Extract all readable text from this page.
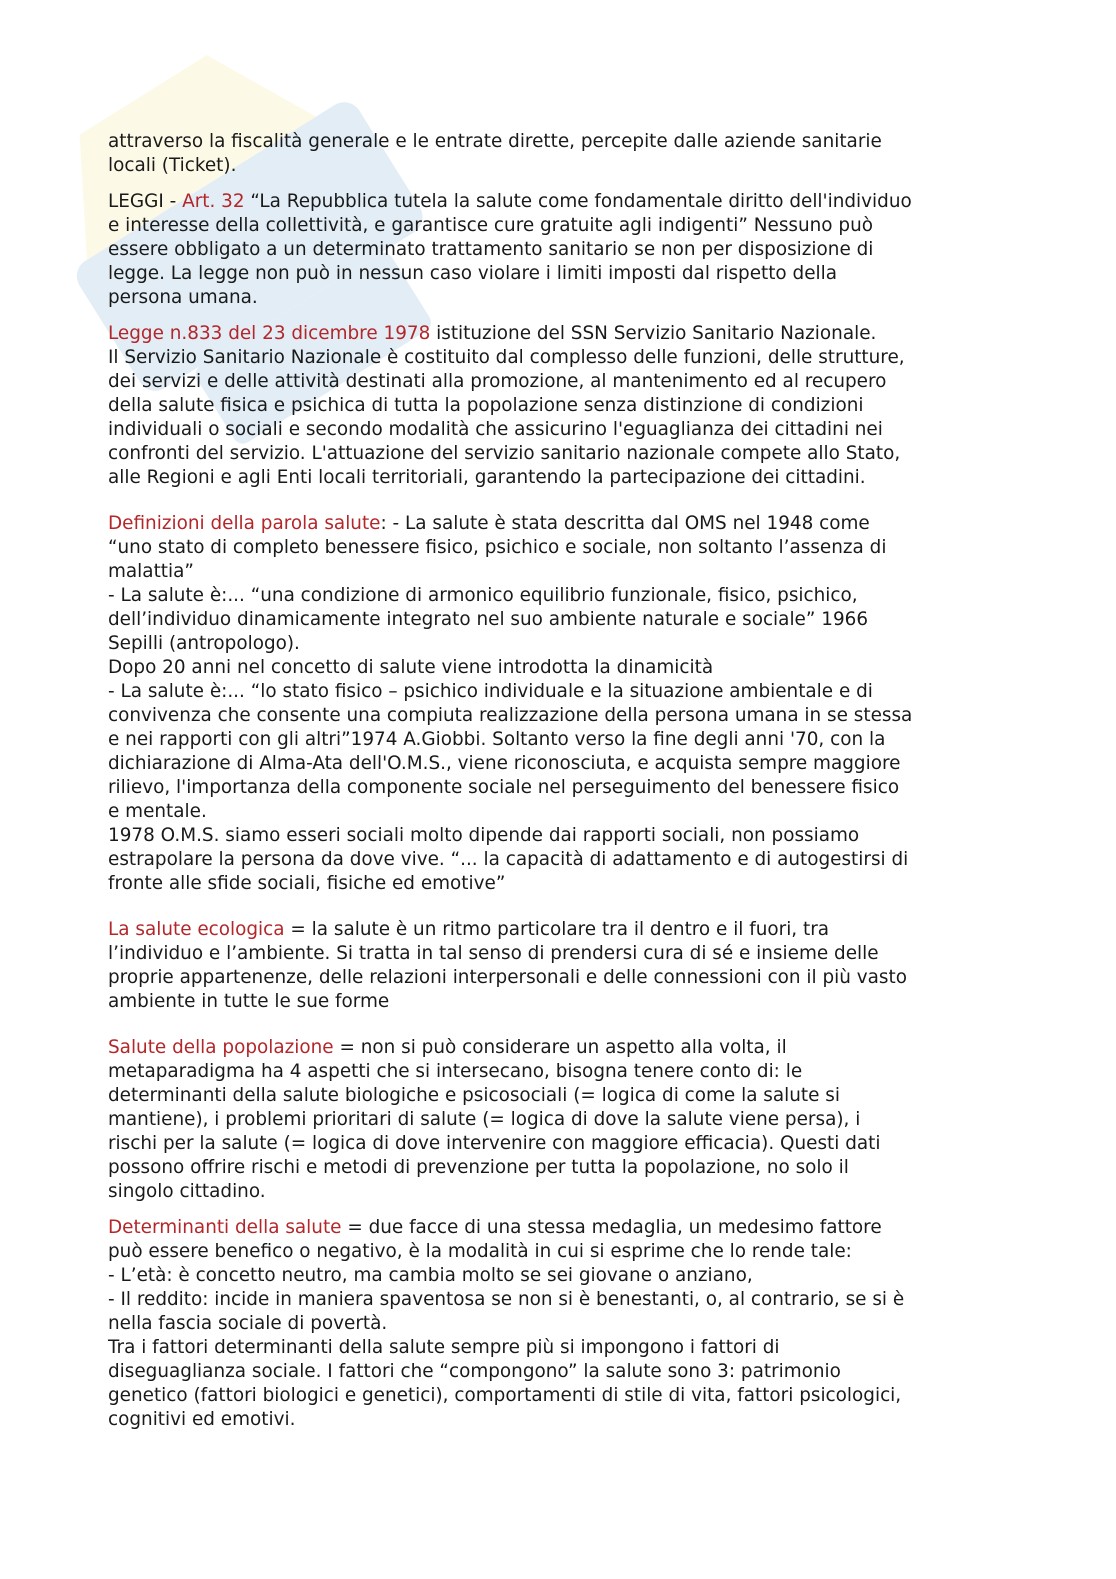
attraverso la fiscalità generale e le entrate dirette, percepite dalle aziende sanitarie
locali (Ticket).

LEGGI - Art. 32 “La Repubblica tutela la salute come fondamentale diritto dell'individuo
e interesse della collettività, e garantisce cure gratuite agli indigenti” Nessuno può
essere obbligato a un determinato trattamento sanitario se non per disposizione di
legge. La legge non può in nessun caso violare i limiti imposti dal rispetto della
persona umana.

Legge n.833 del 23 dicembre 1978 istituzione del SSN Servizio Sanitario Nazionale.
Il Servizio Sanitario Nazionale è costituito dal complesso delle funzioni, delle strutture,
dei servizi e delle attività destinati alla promozione, al mantenimento ed al recupero
della salute fisica e psichica di tutta la popolazione senza distinzione di condizioni
individuali o sociali e secondo modalità che assicurino l'eguaglianza dei cittadini nei
confronti del servizio. L'attuazione del servizio sanitario nazionale compete allo Stato,
alle Regioni e agli Enti locali territoriali, garantendo la partecipazione dei cittadini.

Definizioni della parola salute: - La salute è stata descritta dal OMS nel 1948 come
“uno stato di completo benessere fisico, psichico e sociale, non soltanto l’assenza di
malattia”
- La salute è:... “una condizione di armonico equilibrio funzionale, fisico, psichico,
dell’individuo dinamicamente integrato nel suo ambiente naturale e sociale” 1966
Sepilli (antropologo).
Dopo 20 anni nel concetto di salute viene introdotta la dinamicità
- La salute è:... “lo stato fisico – psichico individuale e la situazione ambientale e di
convivenza che consente una compiuta realizzazione della persona umana in se stessa
e nei rapporti con gli altri”1974 A.Giobbi. Soltanto verso la fine degli anni '70, con la
dichiarazione di Alma-Ata dell'O.M.S., viene riconosciuta, e acquista sempre maggiore
rilievo, l'importanza della componente sociale nel perseguimento del benessere fisico
e mentale.
1978 O.M.S. siamo esseri sociali molto dipende dai rapporti sociali, non possiamo
estrapolare la persona da dove vive. “... la capacità di adattamento e di autogestirsi di
fronte alle sfide sociali, fisiche ed emotive”

La salute ecologica = la salute è un ritmo particolare tra il dentro e il fuori, tra
l’individuo e l’ambiente. Si tratta in tal senso di prendersi cura di sé e insieme delle
proprie appartenenze, delle relazioni interpersonali e delle connessioni con il più vasto
ambiente in tutte le sue forme

Salute della popolazione = non si può considerare un aspetto alla volta, il
metaparadigma ha 4 aspetti che si intersecano, bisogna tenere conto di: le
determinanti della salute biologiche e psicosociali (= logica di come la salute si
mantiene), i problemi prioritari di salute (= logica di dove la salute viene persa), i
rischi per la salute (= logica di dove intervenire con maggiore efficacia). Questi dati
possono offrire rischi e metodi di prevenzione per tutta la popolazione, no solo il
singolo cittadino.

Determinanti della salute = due facce di una stessa medaglia, un medesimo fattore
può essere benefico o negativo, è la modalità in cui si esprime che lo rende tale:
- L’età: è concetto neutro, ma cambia molto se sei giovane o anziano,
- Il reddito: incide in maniera spaventosa se non si è benestanti, o, al contrario, se si è
nella fascia sociale di povertà.
Tra i fattori determinanti della salute sempre più si impongono i fattori di
diseguaglianza sociale. I fattori che “compongono” la salute sono 3: patrimonio
genetico (fattori biologici e genetici), comportamenti di stile di vita, fattori psicologici,
cognitivi ed emotivi.
